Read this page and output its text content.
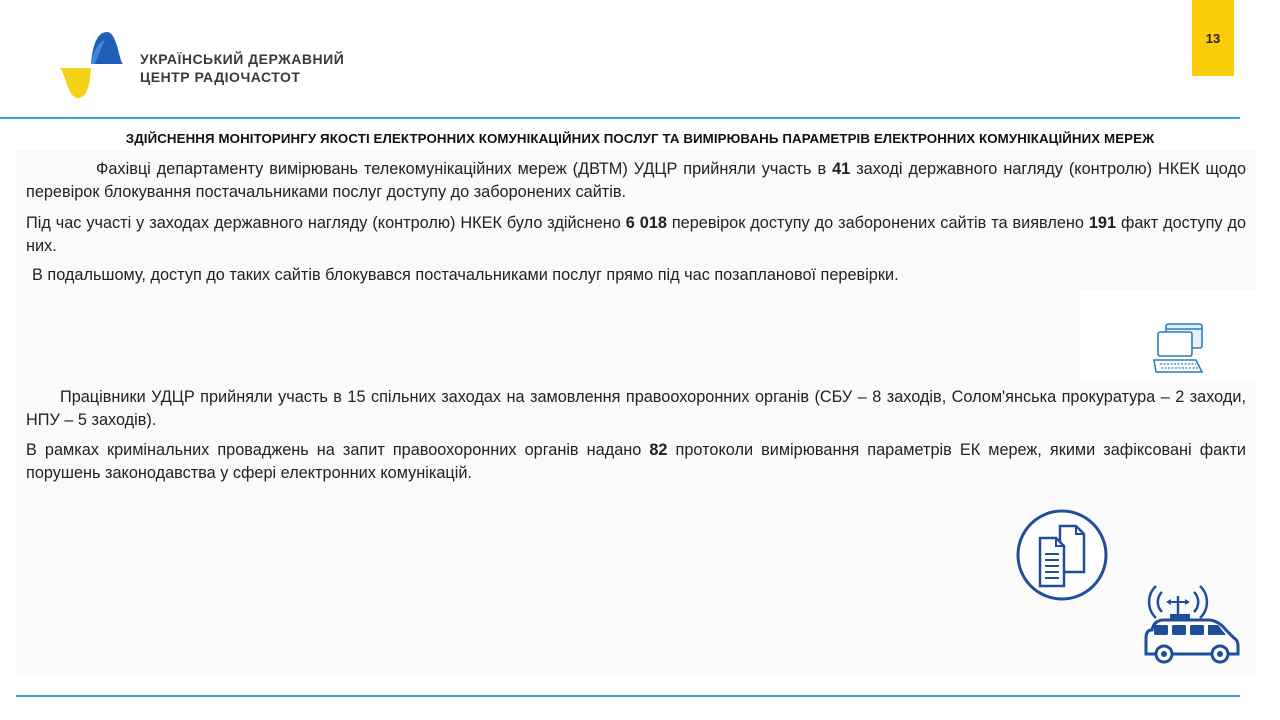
УКРАЇНСЬКИЙ ДЕРЖАВНИЙ
ЦЕНТР РАДІОЧАСТОТ
13
ЗДІЙСНЕННЯ МОНІТОРИНГУ ЯКОСТІ ЕЛЕКТРОННИХ КОМУНІКАЦІЙНИХ ПОСЛУГ ТА ВИМІРЮВАНЬ ПАРАМЕТРІВ ЕЛЕКТРОННИХ КОМУНІКАЦІЙНИХ МЕРЕЖ
Фахівці департаменту вимірювань телекомунікаційних мереж (ДВТМ) УДЦР прийняли участь в 41 заході державного нагляду (контролю) НКЕК щодо перевірок блокування постачальниками послуг доступу до заборонених сайтів.
Під час участі у заходах державного нагляду (контролю) НКЕК було здійснено 6 018 перевірок доступу до заборонених сайтів та виявлено 191 факт доступу до них.
В подальшому, доступ до таких сайтів блокувався постачальниками послуг прямо під час позапланової перевірки.
Працівники УДЦР прийняли участь в 15 спільних заходах на замовлення правоохоронних органів (СБУ – 8 заходів, Солом'янська прокуратура – 2 заходи, НПУ – 5 заходів).
В рамках кримінальних проваджень на запит правоохоронних органів надано 82 протоколи вимірювання параметрів ЕК мереж, якими зафіксовані факти порушень законодавства у сфері електронних комунікацій.
